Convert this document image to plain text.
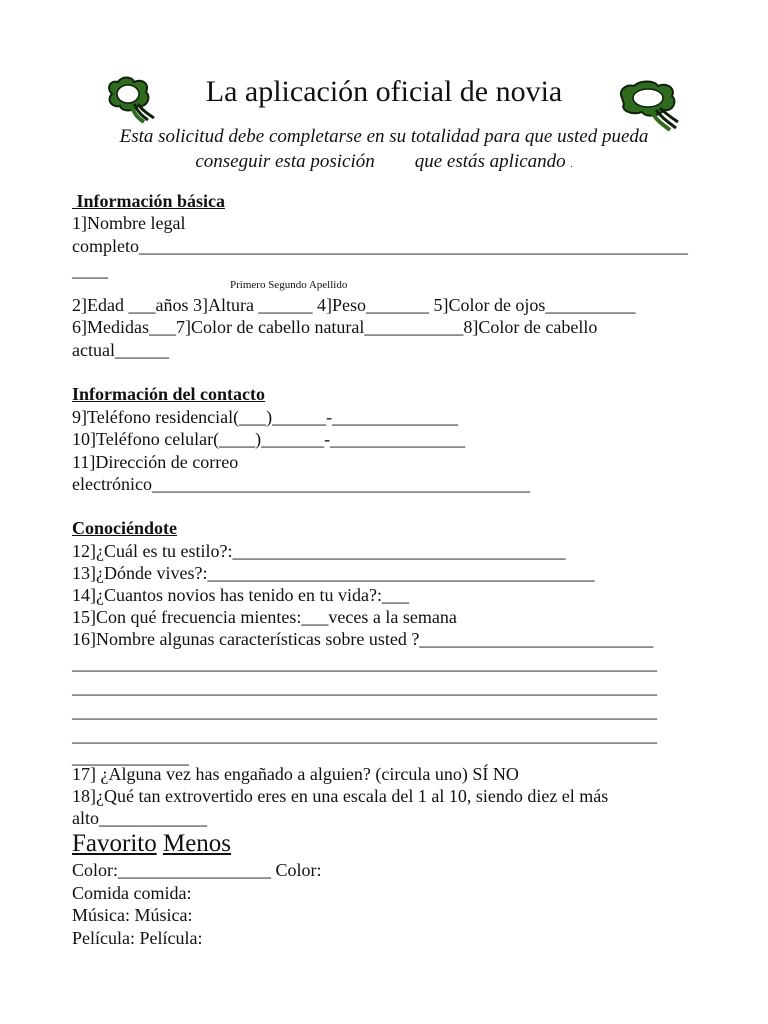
La aplicación oficial de novia
Esta solicitud debe completarse en su totalidad para que usted pueda
conseguir esta posición que estás aplicando .
Información básica
1]Nombre legal
completo_____________________________________________________________
____
Primero Segundo Apellido
2]Edad ___años 3]Altura ______ 4]Peso_______ 5]Color de ojos__________
6]Medidas___7]Color de cabello natural___________8]Color de cabello
actual______
Información del contacto
9]Teléfono residencial(___)______-______________
10]Teléfono celular(____)_______-_______________
11]Dirección de correo
electrónico__________________________________________
Conociéndote
12]¿Cuál es tu estilo?:_____________________________________
13]¿Dónde vives?:___________________________________________
14]¿Cuantos novios has tenido en tu vida?:___
15]Con qué frecuencia mientes:___veces a la semana
16]Nombre algunas características sobre usted ?__________________________
_________________________________________________________________
_________________________________________________________________
_________________________________________________________________
_________________________________________________________________
_____________
17] ¿Alguna vez has engañado a alguien? (circula uno) SÍ NO
18]¿Qué tan extrovertido eres en una escala del 1 al 10, siendo diez el más
alto____________
Favorito Menos
Color:_________________ Color:
Comida comida:
Música: Música:
Película: Película:
